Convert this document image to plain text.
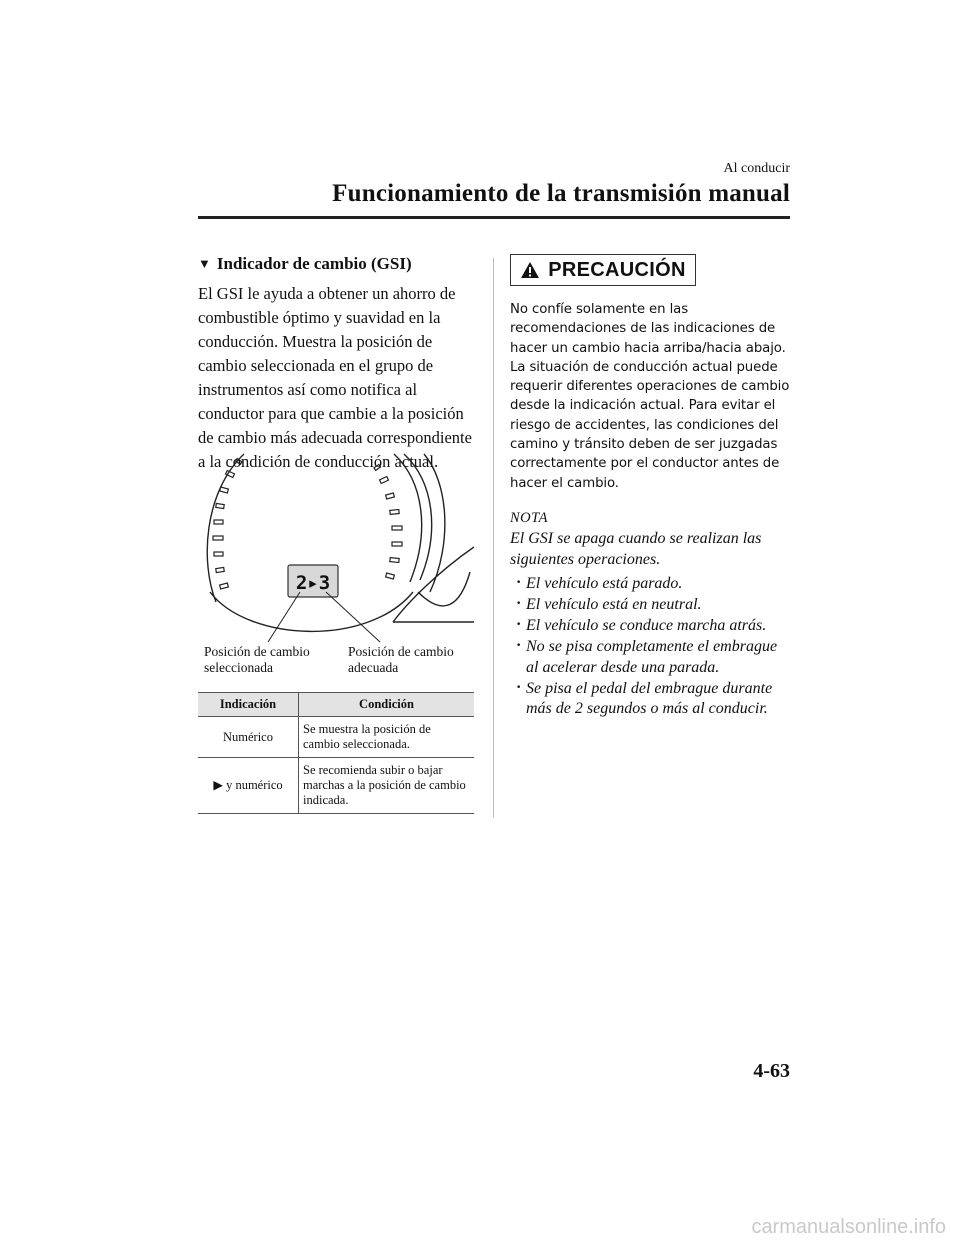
Al conducir
Funcionamiento de la transmisión manual
▼ Indicador de cambio (GSI)
El GSI le ayuda a obtener un ahorro de combustible óptimo y suavidad en la conducción. Muestra la posición de cambio seleccionada en el grupo de instrumentos así como notifica al conductor para que cambie a la posición de cambio más adecuada correspondiente a la condición de conducción actual.
2▸3
Posición de cambio
seleccionada
Posición de cambio
adecuada
Indicación	Condición
Numérico	Se muestra la posición de cambio seleccionada.
▶ y numérico	Se recomienda subir o bajar marchas a la posición de cambio indicada.
PRECAUCIÓN
No confíe solamente en las recomendaciones de las indicaciones de hacer un cambio hacia arriba/hacia abajo. La situación de conducción actual puede requerir diferentes operaciones de cambio desde la indicación actual. Para evitar el riesgo de accidentes, las condiciones del camino y tránsito deben de ser juzgadas correctamente por el conductor antes de hacer el cambio.
NOTA
El GSI se apaga cuando se realizan las siguientes operaciones.
· El vehículo está parado.
· El vehículo está en neutral.
· El vehículo se conduce marcha atrás.
· No se pisa completamente el embrague al acelerar desde una parada.
· Se pisa el pedal del embrague durante más de 2 segundos o más al conducir.
4-63
carmanualsonline.info
